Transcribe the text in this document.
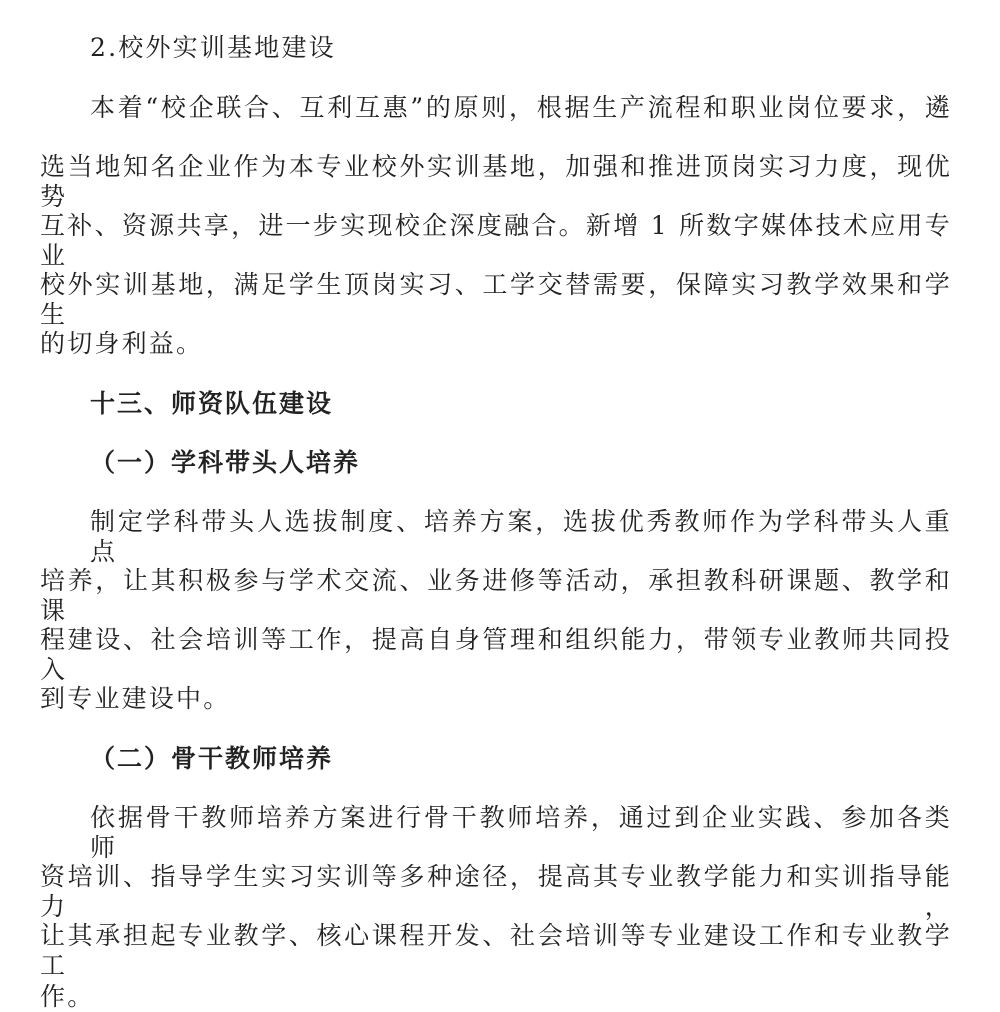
2.校外实训基地建设
本着“校企联合、互利互惠”的原则，根据生产流程和职业岗位要求，遴
选当地知名企业作为本专业校外实训基地，加强和推进顶岗实习力度，现优势
互补、资源共享，进一步实现校企深度融合。新增 1 所数字媒体技术应用专业
校外实训基地，满足学生顶岗实习、工学交替需要，保障实习教学效果和学生
的切身利益。
十三、师资队伍建设
（一）学科带头人培养
制定学科带头人选拔制度、培养方案，选拔优秀教师作为学科带头人重点
培养，让其积极参与学术交流、业务进修等活动，承担教科研课题、教学和课
程建设、社会培训等工作，提高自身管理和组织能力，带领专业教师共同投入
到专业建设中。
（二）骨干教师培养
依据骨干教师培养方案进行骨干教师培养，通过到企业实践、参加各类师
资培训、指导学生实习实训等多种途径，提高其专业教学能力和实训指导能力，
让其承担起专业教学、核心课程开发、社会培训等专业建设工作和专业教学工
作。
